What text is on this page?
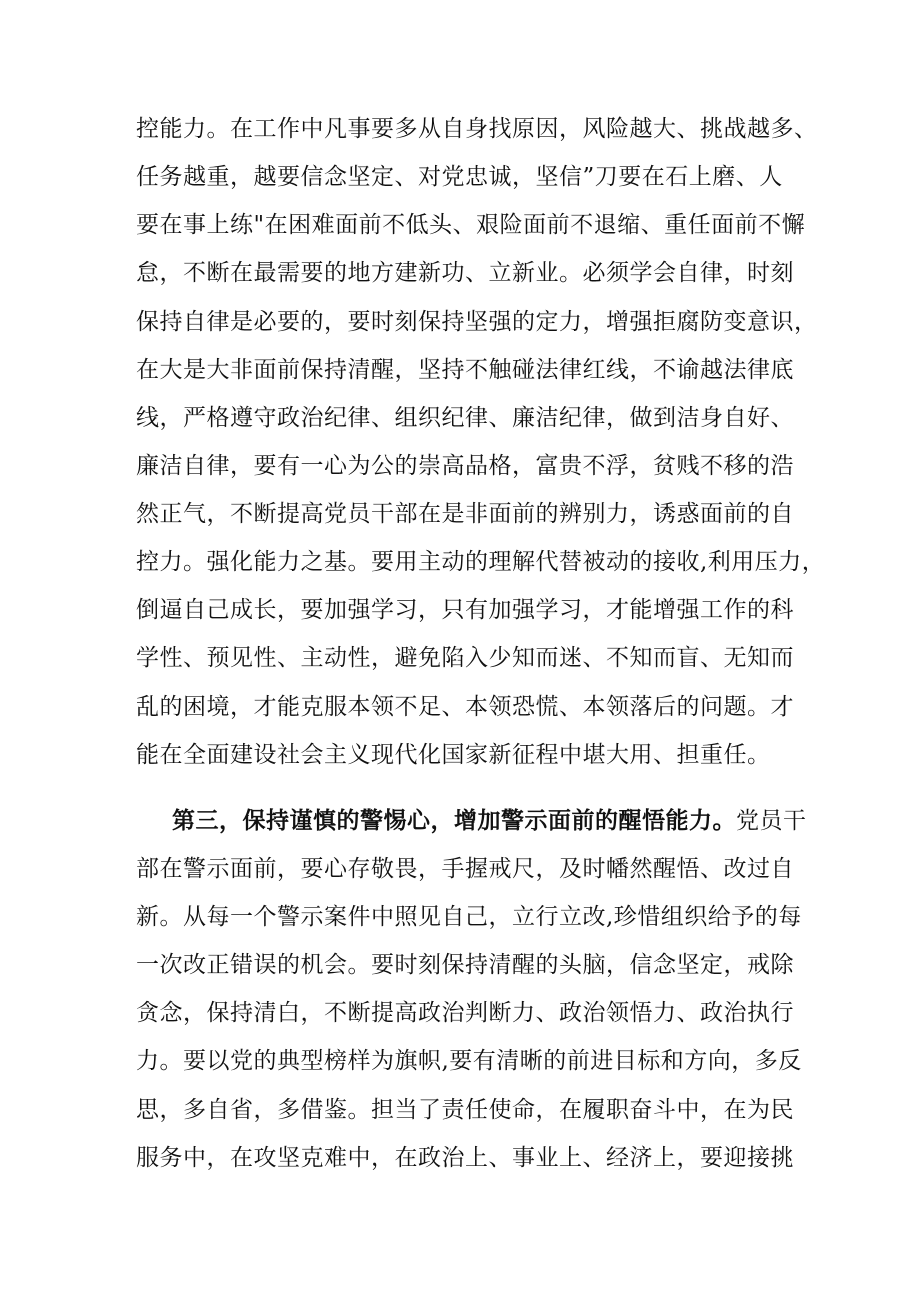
控能力。在工作中凡事要多从自身找原因，风险越大、挑战越多、
任务越重，越要信念坚定、对党忠诚，坚信”刀要在石上磨、人
要在事上练"在困难面前不低头、艰险面前不退缩、重任面前不懈
怠，不断在最需要的地方建新功、立新业。必须学会自律，时刻
保持自律是必要的，要时刻保持坚强的定力，增强拒腐防变意识，
在大是大非面前保持清醒，坚持不触碰法律红线，不谕越法律底
线，严格遵守政治纪律、组织纪律、廉洁纪律，做到洁身自好、
廉洁自律，要有一心为公的崇高品格，富贵不浮，贫贱不移的浩
然正气，不断提高党员干部在是非面前的辨别力，诱惑面前的自
控力。强化能力之基。要用主动的理解代替被动的接收,利用压力，
倒逼自己成长，要加强学习，只有加强学习，才能增强工作的科
学性、预见性、主动性，避免陷入少知而迷、不知而盲、无知而
乱的困境，才能克服本领不足、本领恐慌、本领落后的问题。才
能在全面建设社会主义现代化国家新征程中堪大用、担重任。
第三，保持谨慎的警惕心，增加警示面前的醒悟能力。党员干
部在警示面前，要心存敬畏，手握戒尺，及时幡然醒悟、改过自
新。从每一个警示案件中照见自己，立行立改,珍惜组织给予的每
一次改正错误的机会。要时刻保持清醒的头脑，信念坚定，戒除
贪念，保持清白，不断提高政治判断力、政治领悟力、政治执行
力。要以党的典型榜样为旗帜,要有清晰的前进目标和方向，多反
思，多自省，多借鉴。担当了责任使命，在履职奋斗中，在为民
服务中，在攻坚克难中，在政治上、事业上、经济上，要迎接挑
